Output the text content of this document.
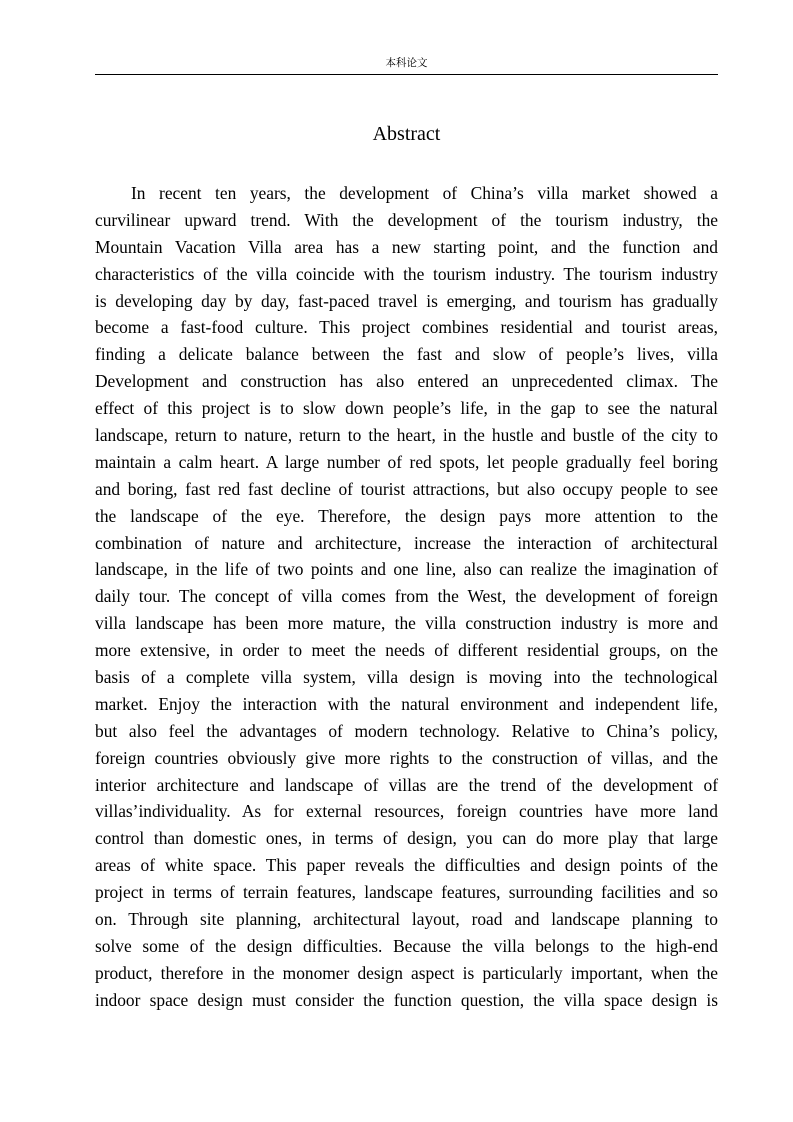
本科论文
Abstract
In recent ten years, the development of China’s villa market showed a
curvilinear upward trend. With the development of the tourism industry, the
Mountain Vacation Villa area has a new starting point, and the function and
characteristics of the villa coincide with the tourism industry. The tourism industry
is developing day by day, fast-paced travel is emerging, and tourism has gradually
become a fast-food culture. This project combines residential and tourist areas,
finding a delicate balance between the fast and slow of people’s lives, villa
Development and construction has also entered an unprecedented climax. The
effect of this project is to slow down people’s life, in the gap to see the natural
landscape, return to nature, return to the heart, in the hustle and bustle of the city to
maintain a calm heart. A large number of red spots, let people gradually feel boring
and boring, fast red fast decline of tourist attractions, but also occupy people to see
the landscape of the eye. Therefore, the design pays more attention to the
combination of nature and architecture, increase the interaction of architectural
landscape, in the life of two points and one line, also can realize the imagination of
daily tour. The concept of villa comes from the West, the development of foreign
villa landscape has been more mature, the villa construction industry is more and
more extensive, in order to meet the needs of different residential groups, on the
basis of a complete villa system, villa design is moving into the technological
market. Enjoy the interaction with the natural environment and independent life,
but also feel the advantages of modern technology. Relative to China’s policy,
foreign countries obviously give more rights to the construction of villas, and the
interior architecture and landscape of villas are the trend of the development of
villas’individuality. As for external resources, foreign countries have more land
control than domestic ones, in terms of design, you can do more play that large
areas of white space. This paper reveals the difficulties and design points of the
project in terms of terrain features, landscape features, surrounding facilities and so
on. Through site planning, architectural layout, road and landscape planning to
solve some of the design difficulties. Because the villa belongs to the high-end
product, therefore in the monomer design aspect is particularly important, when the
indoor space design must consider the function question, the villa space design is
